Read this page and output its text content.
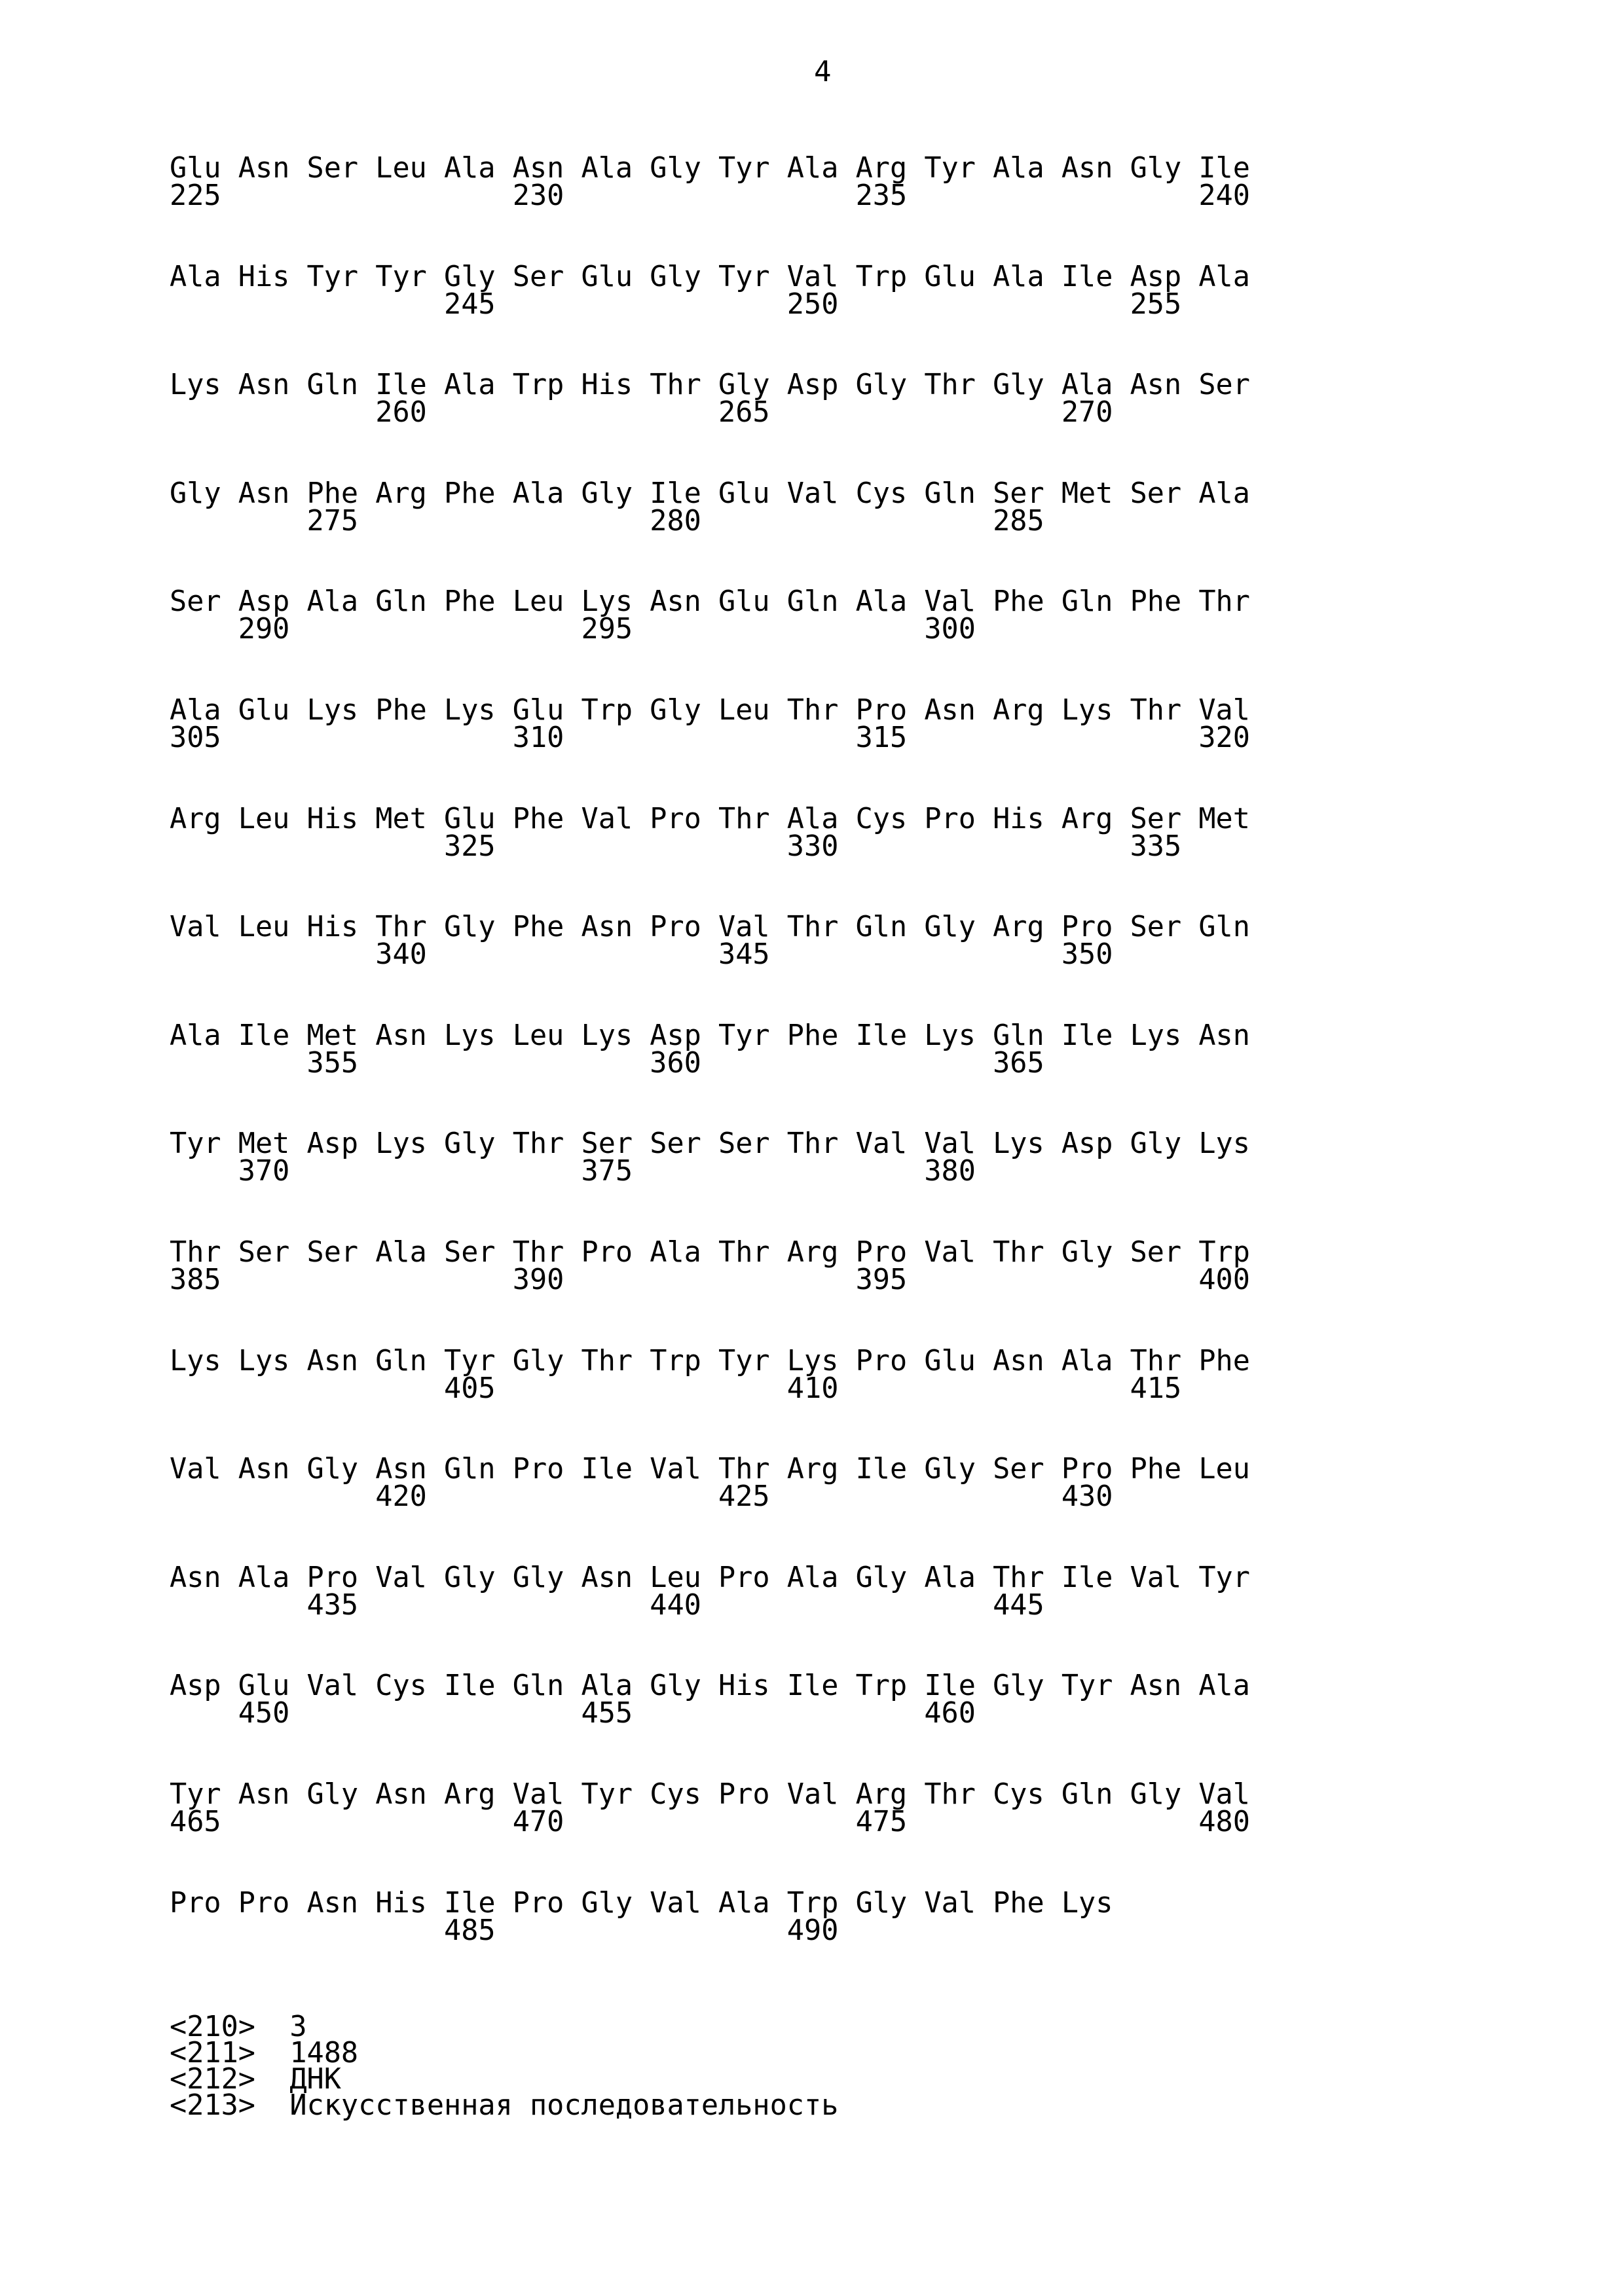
4
Glu Asn Ser Leu Ala Asn Ala Gly Tyr Ala Arg Tyr Ala Asn Gly Ile
225                 230                 235                 240
Ala His Tyr Tyr Gly Ser Glu Gly Tyr Val Trp Glu Ala Ile Asp Ala
245                 250                 255
Lys Asn Gln Ile Ala Trp His Thr Gly Asp Gly Thr Gly Ala Asn Ser
260                 265                 270
Gly Asn Phe Arg Phe Ala Gly Ile Glu Val Cys Gln Ser Met Ser Ala
275                 280                 285
Ser Asp Ala Gln Phe Leu Lys Asn Glu Gln Ala Val Phe Gln Phe Thr
290                 295                 300
Ala Glu Lys Phe Lys Glu Trp Gly Leu Thr Pro Asn Arg Lys Thr Val
305                 310                 315                 320
Arg Leu His Met Glu Phe Val Pro Thr Ala Cys Pro His Arg Ser Met
325                 330                 335
Val Leu His Thr Gly Phe Asn Pro Val Thr Gln Gly Arg Pro Ser Gln
340                 345                 350
Ala Ile Met Asn Lys Leu Lys Asp Tyr Phe Ile Lys Gln Ile Lys Asn
355                 360                 365
Tyr Met Asp Lys Gly Thr Ser Ser Ser Thr Val Val Lys Asp Gly Lys
370                 375                 380
Thr Ser Ser Ala Ser Thr Pro Ala Thr Arg Pro Val Thr Gly Ser Trp
385                 390                 395                 400
Lys Lys Asn Gln Tyr Gly Thr Trp Tyr Lys Pro Glu Asn Ala Thr Phe
405                 410                 415
Val Asn Gly Asn Gln Pro Ile Val Thr Arg Ile Gly Ser Pro Phe Leu
420                 425                 430
Asn Ala Pro Val Gly Gly Asn Leu Pro Ala Gly Ala Thr Ile Val Tyr
435                 440                 445
Asp Glu Val Cys Ile Gln Ala Gly His Ile Trp Ile Gly Tyr Asn Ala
450                 455                 460
Tyr Asn Gly Asn Arg Val Tyr Cys Pro Val Arg Thr Cys Gln Gly Val
465                 470                 475                 480
Pro Pro Asn His Ile Pro Gly Val Ala Trp Gly Val Phe Lys
485                 490
<210>  3
<211>  1488
<212>  ДНК
<213>  Искусственная последовательность
